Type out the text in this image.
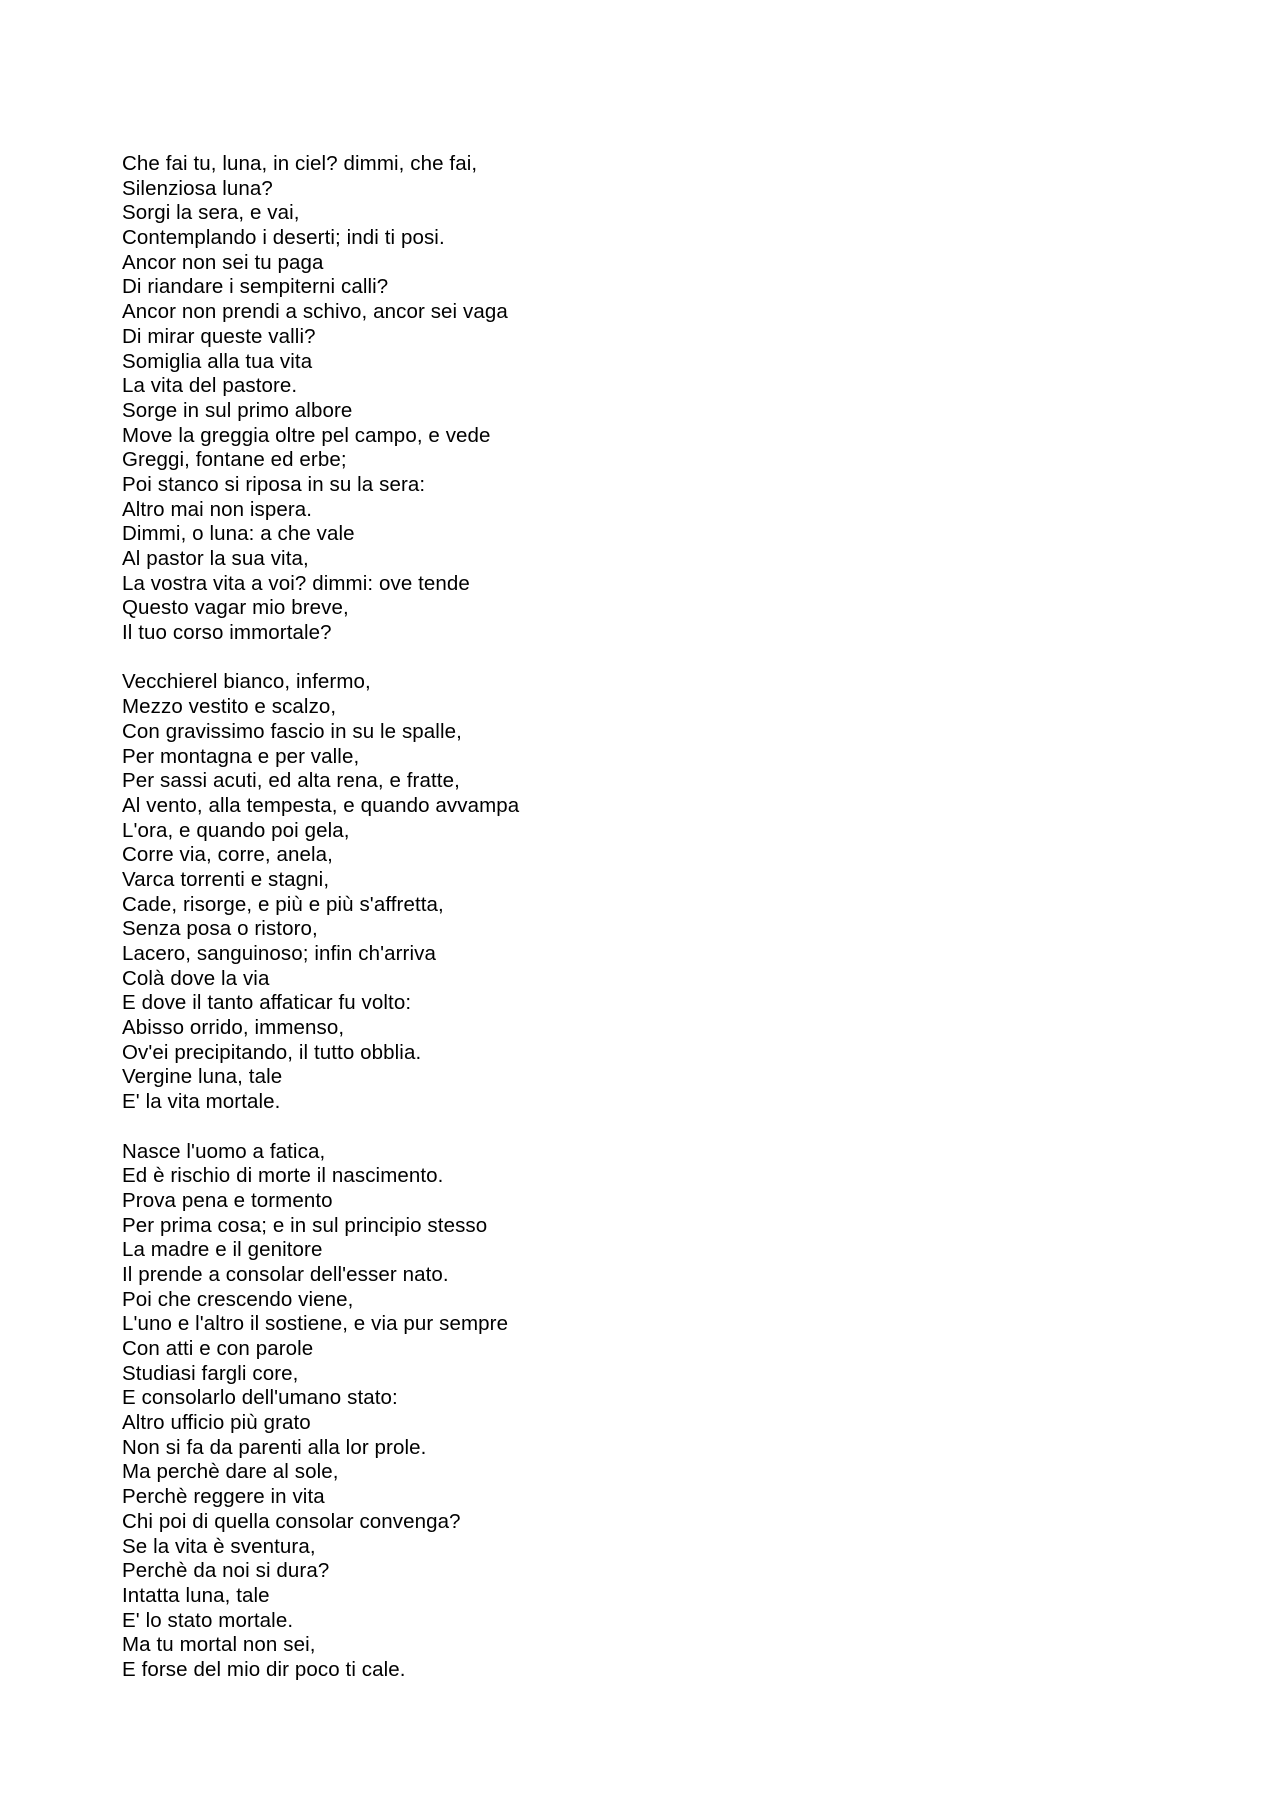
Che fai tu, luna, in ciel? dimmi, che fai,
Silenziosa luna?
Sorgi la sera, e vai,
Contemplando i deserti; indi ti posi.
Ancor non sei tu paga
Di riandare i sempiterni calli?
Ancor non prendi a schivo, ancor sei vaga
Di mirar queste valli?
Somiglia alla tua vita
La vita del pastore.
Sorge in sul primo albore
Move la greggia oltre pel campo, e vede
Greggi, fontane ed erbe;
Poi stanco si riposa in su la sera:
Altro mai non ispera.
Dimmi, o luna: a che vale
Al pastor la sua vita,
La vostra vita a voi? dimmi: ove tende
Questo vagar mio breve,
Il tuo corso immortale?
Vecchierel bianco, infermo,
Mezzo vestito e scalzo,
Con gravissimo fascio in su le spalle,
Per montagna e per valle,
Per sassi acuti, ed alta rena, e fratte,
Al vento, alla tempesta, e quando avvampa
L'ora, e quando poi gela,
Corre via, corre, anela,
Varca torrenti e stagni,
Cade, risorge, e più e più s'affretta,
Senza posa o ristoro,
Lacero, sanguinoso; infin ch'arriva
Colà dove la via
E dove il tanto affaticar fu volto:
Abisso orrido, immenso,
Ov'ei precipitando, il tutto obblia.
Vergine luna, tale
E' la vita mortale.
Nasce l'uomo a fatica,
Ed è rischio di morte il nascimento.
Prova pena e tormento
Per prima cosa; e in sul principio stesso
La madre e il genitore
Il prende a consolar dell'esser nato.
Poi che crescendo viene,
L'uno e l'altro il sostiene, e via pur sempre
Con atti e con parole
Studiasi fargli core,
E consolarlo dell'umano stato:
Altro ufficio più grato
Non si fa da parenti alla lor prole.
Ma perchè dare al sole,
Perchè reggere in vita
Chi poi di quella consolar convenga?
Se la vita è sventura,
Perchè da noi si dura?
Intatta luna, tale
E' lo stato mortale.
Ma tu mortal non sei,
E forse del mio dir poco ti cale.
